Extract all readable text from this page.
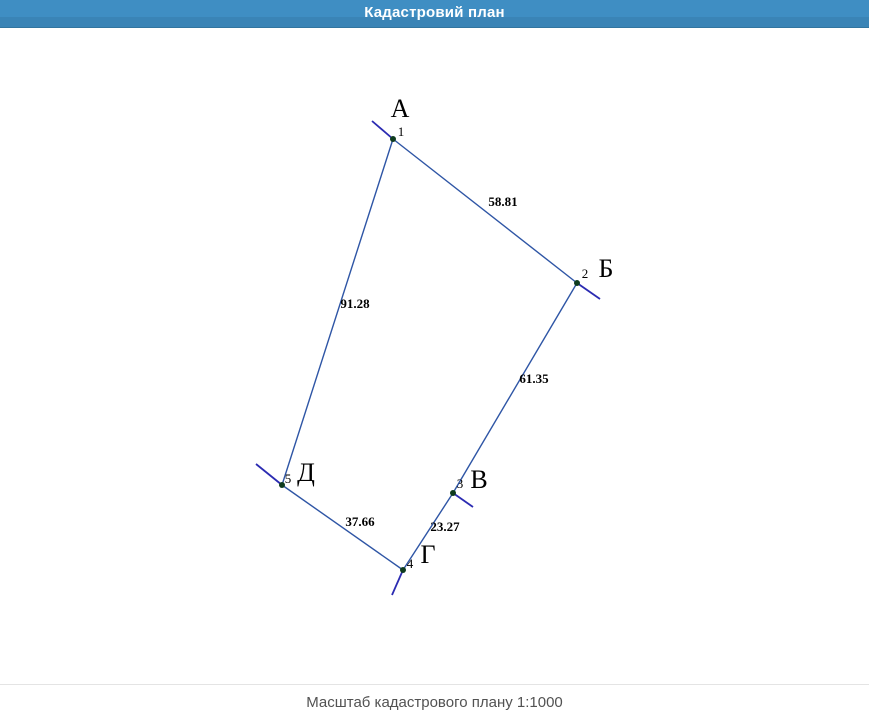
Кадастровий план
58.81
61.35
23.27
37.66
91.28
1
А
2 Б
3 В
4 Г
5 Д
Масштаб кадастрового плану 1:1000
